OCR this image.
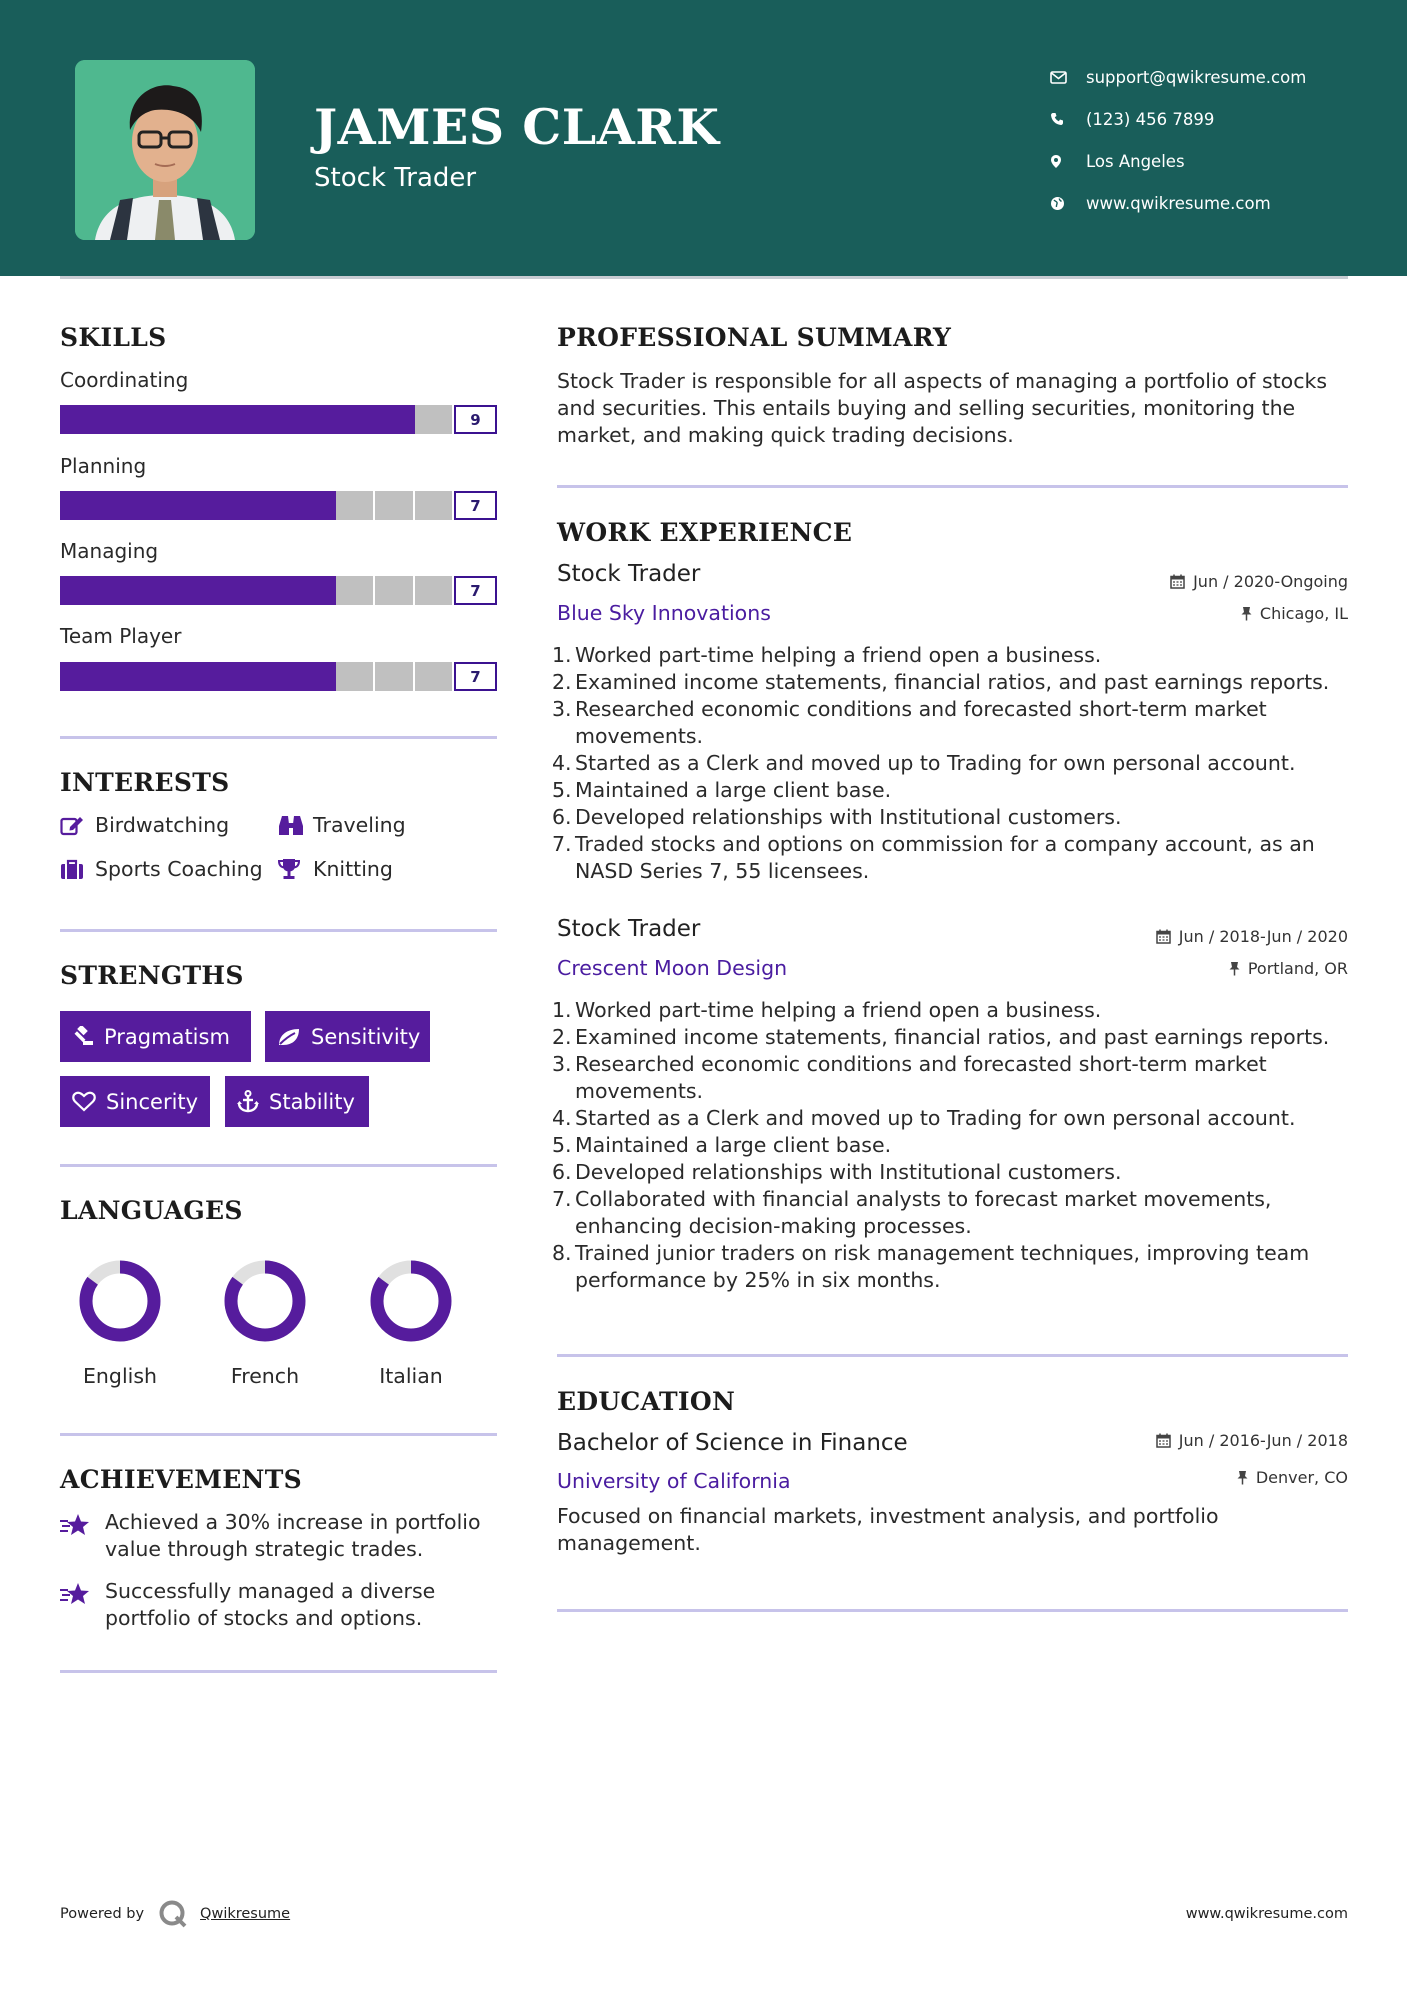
JAMES CLARK
Stock Trader
support@qwikresume.com
(123) 456 7899
Los Angeles
www.qwikresume.com
SKILLS
Coordinating
9
Planning
7
Managing
7
Team Player
7
INTERESTS
Birdwatching	Traveling
Sports Coaching Knitting
STRENGTHS
Pragmatism	Sensitivity
Sincerity	Stability
LANGUAGES
English	French	Italian
ACHIEVEMENTS
Achieved a 30% increase in portfolio value through strategic trades.
Successfully managed a diverse portfolio of stocks and options.
PROFESSIONAL SUMMARY
Stock Trader is responsible for all aspects of managing a portfolio of stocks and securities. This entails buying and selling securities, monitoring the market, and making quick trading decisions.
WORK EXPERIENCE
Stock Trader	Jun / 2020-Ongoing
Blue Sky Innovations	Chicago, IL
1. Worked part-time helping a friend open a business.
2. Examined income statements, financial ratios, and past earnings reports.
3. Researched economic conditions and forecasted short-term market movements.
4. Started as a Clerk and moved up to Trading for own personal account.
5. Maintained a large client base.
6. Developed relationships with Institutional customers.
7. Traded stocks and options on commission for a company account, as an NASD Series 7, 55 licensees.
Stock Trader	Jun / 2018-Jun / 2020
Crescent Moon Design	Portland, OR
1. Worked part-time helping a friend open a business.
2. Examined income statements, financial ratios, and past earnings reports.
3. Researched economic conditions and forecasted short-term market movements.
4. Started as a Clerk and moved up to Trading for own personal account.
5. Maintained a large client base.
6. Developed relationships with Institutional customers.
7. Collaborated with financial analysts to forecast market movements, enhancing decision-making processes.
8. Trained junior traders on risk management techniques, improving team performance by 25% in six months.
EDUCATION
Bachelor of Science in Finance	Jun / 2016-Jun / 2018
University of California	Denver, CO
Focused on financial markets, investment analysis, and portfolio management.
Powered by	Qwikresume	www.qwikresume.com
